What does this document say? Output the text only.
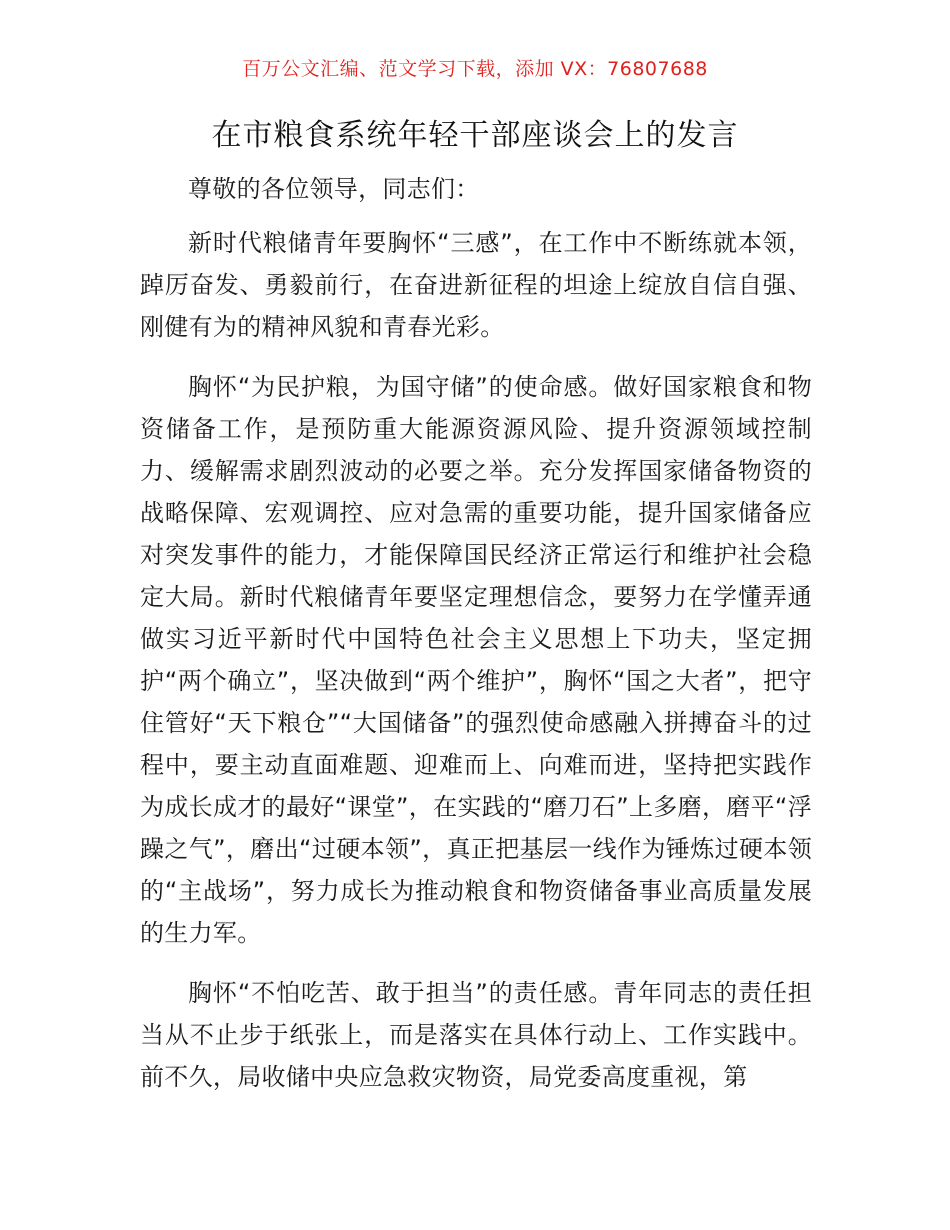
百万公文汇编、范文学习下载，添加 VX：76807688
在市粮食系统年轻干部座谈会上的发言

尊敬的各位领导，同志们：

新时代粮储青年要胸怀“三感”，在工作中不断练就本领，踔厉奋发、勇毅前行，在奋进新征程的坦途上绽放自信自强、刚健有为的精神风貌和青春光彩。

胸怀“为民护粮，为国守储”的使命感。做好国家粮食和物资储备工作，是预防重大能源资源风险、提升资源领域控制力、缓解需求剧烈波动的必要之举。充分发挥国家储备物资的战略保障、宏观调控、应对急需的重要功能，提升国家储备应对突发事件的能力，才能保障国民经济正常运行和维护社会稳定大局。新时代粮储青年要坚定理想信念，要努力在学懂弄通做实习近平新时代中国特色社会主义思想上下功夫，坚定拥护“两个确立”，坚决做到“两个维护”，胸怀“国之大者”，把守住管好“天下粮仓”“大国储备”的强烈使命感融入拼搏奋斗的过程中，要主动直面难题、迎难而上、向难而进，坚持把实践作为成长成才的最好“课堂”，在实践的“磨刀石”上多磨，磨平“浮躁之气”，磨出“过硬本领”，真正把基层一线作为锤炼过硬本领的“主战场”，努力成长为推动粮食和物资储备事业高质量发展的生力军。

胸怀“不怕吃苦、敢于担当”的责任感。青年同志的责任担当从不止步于纸张上，而是落实在具体行动上、工作实践中。前不久，局收储中央应急救灾物资，局党委高度重视，第
